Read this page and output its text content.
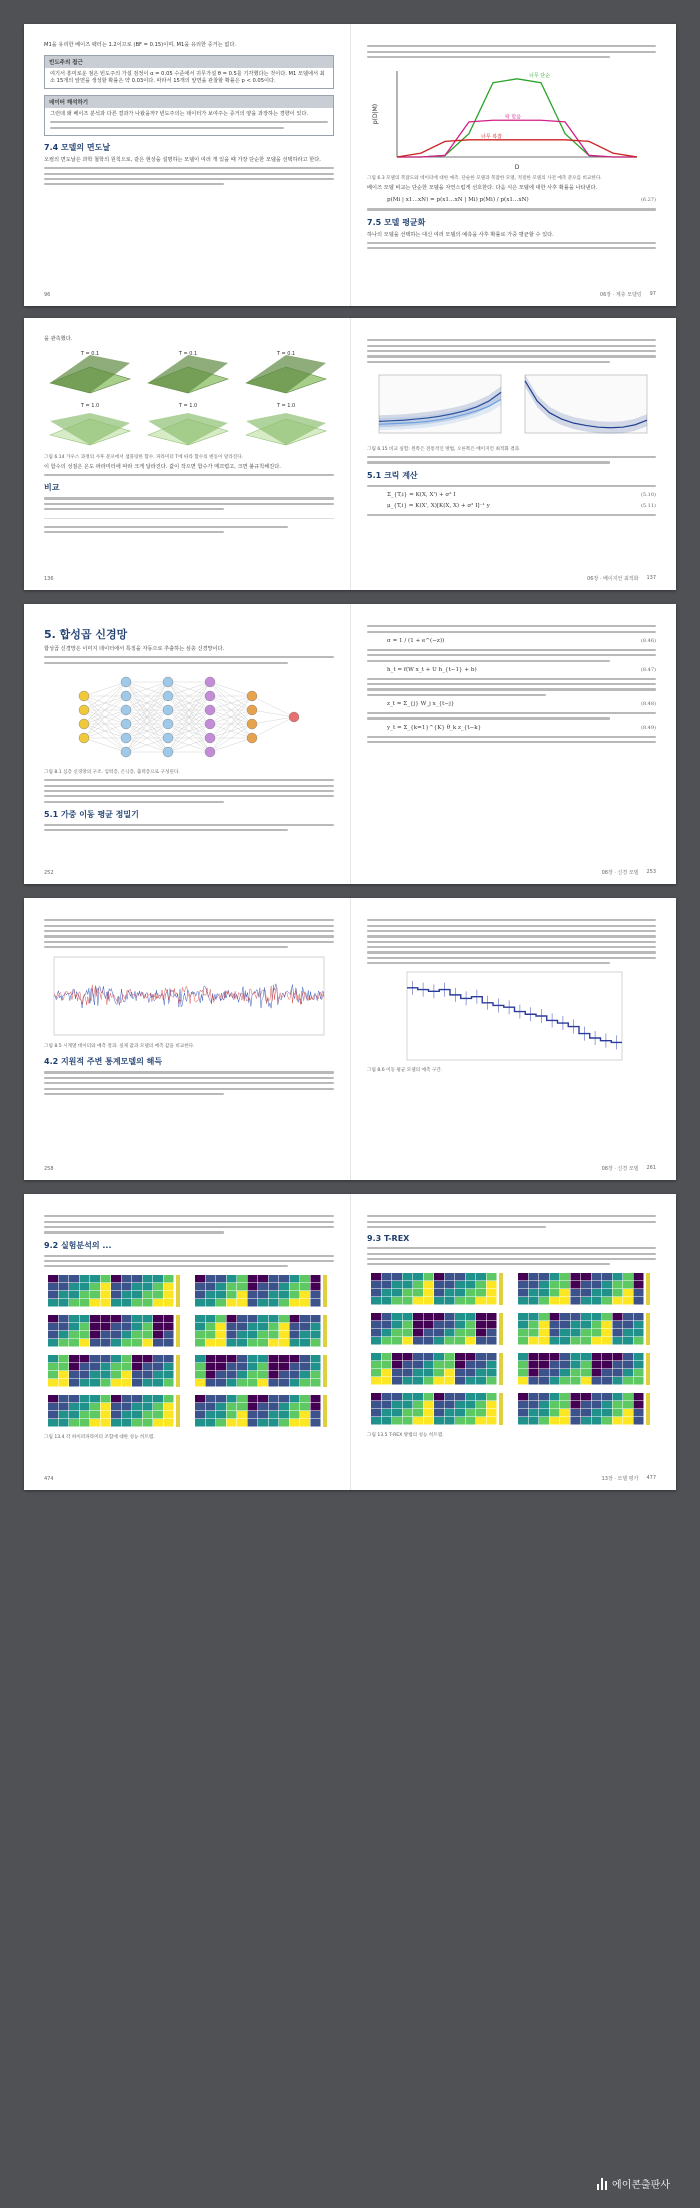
M1을 유리한 베이즈 팩터는 1.2이므로 (BF = 0.15)이며, M1을 유리한 증거는 없다.

빈도주의 접근

여기서 흥미로운 점은 빈도주의 가설 검정이 α = 0.05 수준에서 귀무가설 θ = 0.5를 기각했다는 것이다. M1 모델에서 최소 15개의 앞면을 생성할 확률은 약 0.03이다. 따라서 15개의 앞면을 관찰할 확률은 p < 0.05이다.

데이터 해석하기

그런데 왜 베이즈 분석과 다른 결과가 나왔을까? 빈도주의는 데이터가 보여주는 증거의 양을 과장하는 경향이 있다.

7.4 모델의 면도날

오컴의 면도날은 과학 철학의 원칙으로, 같은 현상을 설명하는 모델이 여러 개 있을 때 가장 단순한 모델을 선택하라고 한다.

96
D
p(D|M)
너무 단순
딱 맞음
너무 복잡

그림 6.3 모델의 복잡도와 데이터에 대한 예측. 단순한 모델과 복잡한 모델, 적절한 모델의 사전 예측 분포를 비교한다.

베이즈 모델 비교는 단순한 모델을 자연스럽게 선호한다. 다음 식은 모델에 대한 사후 확률을 나타낸다.

p(Mi | x1…xN) = p(x1…xN | Mi) p(Mi) / p(x1…xN)	(6.27)
7.5 모델 평균화

하나의 모델을 선택하는 대신 여러 모델의 예측을 사후 확률로 가중 평균할 수 있다.

06장 · 계층 모델링 97

을 관측했다.

T = 0.1	T = 0.1	T = 0.1
T = 1.0	T = 1.0	T = 1.0

그림 6.14 가우스 과정의 사후 분포에서 샘플링한 함수. 파라미터 T에 따라 함수의 변동이 달라진다.

이 함수의 성질은 온도 파라미터에 따라 크게 달라진다. 값이 작으면 함수가 매끄럽고, 크면 불규칙해진다.

비교
136

그림 6.15 비교 실험: 왼쪽은 전통적인 방법, 오른쪽은 베이지언 최적화 결과.

5.1 크릭 계산
Σ_{T,i} = K(X, X') + σ² I	(5.10)
μ_{T,i} = K(X', X)[K(X, X) + σ² I]⁻¹ y	(5.11)
06장 · 베이지언 최적화 137
5. 합성곱 신경망

합성곱 신경망은 이미지 데이터에서 특징을 자동으로 추출하는 심층 신경망이다.

그림 8.1 심층 신경망의 구조. 입력층, 은닉층, 출력층으로 구성된다.

5.1 가중 이동 평균 정밀기
252
σ = 1 / (1 + e^(−z))	(8.46)
h_t = f(W x_t + U h_{t−1} + b)	(8.47)
z_t = Σ_{j} W_j x_{t−j}	(8.48)
y_t = Σ_{k=1}^{K} θ_k z_{t−k}	(8.49)
08장 · 신경 모델 253

그림 8.5 시계열 데이터와 예측 결과. 실제 값과 모델의 예측 값을 비교한다.

4.2 지원적 주변 통계모델의 해득
258

그림 8.6 이동 평균 모델의 예측 구간.

08장 · 신경 모델 261
9.2 실험분석의 ...

그림 13.4 각 하이퍼파라미터 조합에 대한 성능 히트맵.

474
9.3 T-REX

그림 13.5 T-REX 방법의 성능 히트맵.

13장 · 모델 평가 477
에이콘출판사
